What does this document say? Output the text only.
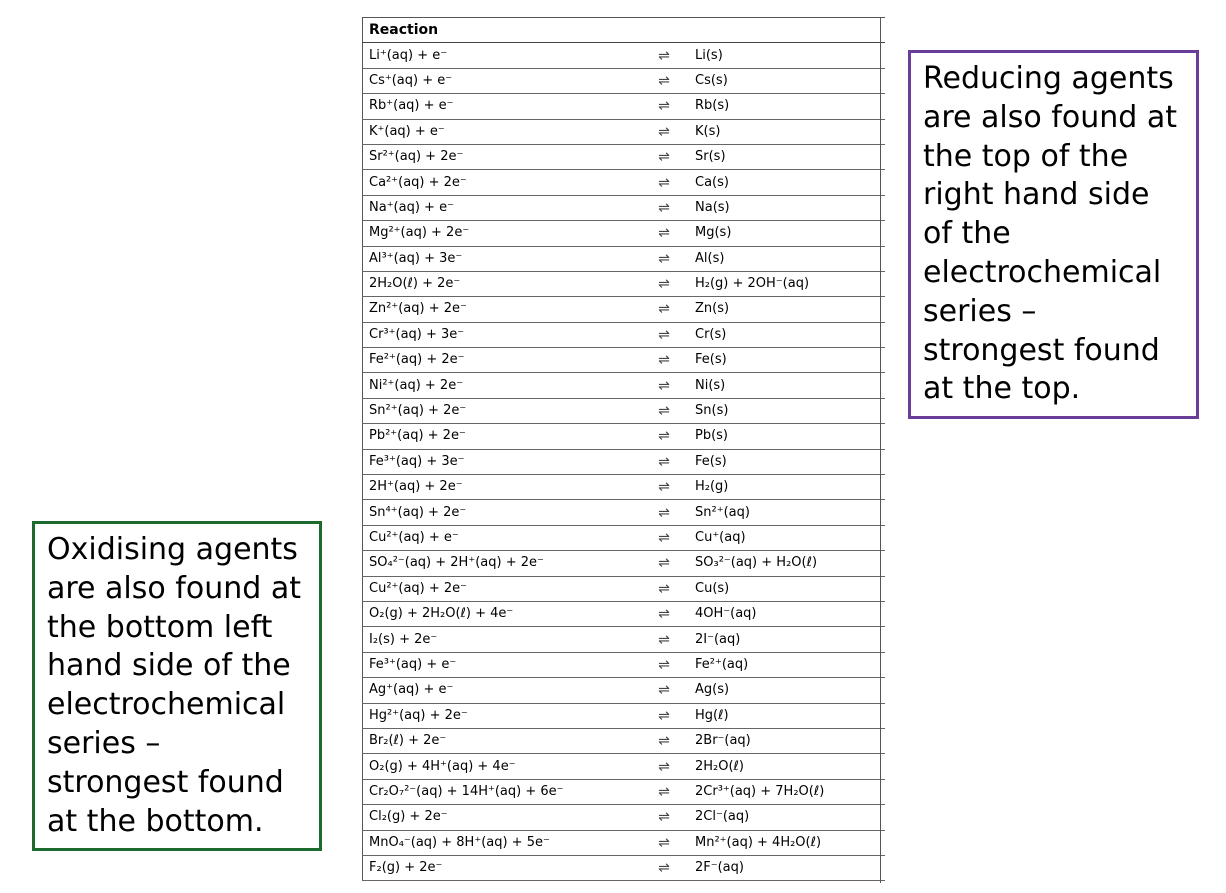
Reaction		
Li⁺(aq) + e⁻	⇌	Li(s)
Cs⁺(aq) + e⁻	⇌	Cs(s)
Rb⁺(aq) + e⁻	⇌	Rb(s)
K⁺(aq) + e⁻	⇌	K(s)
Sr²⁺(aq) + 2e⁻	⇌	Sr(s)
Ca²⁺(aq) + 2e⁻	⇌	Ca(s)
Na⁺(aq) + e⁻	⇌	Na(s)
Mg²⁺(aq) + 2e⁻	⇌	Mg(s)
Al³⁺(aq) + 3e⁻	⇌	Al(s)
2H₂O(ℓ) + 2e⁻	⇌	H₂(g) + 2OH⁻(aq)
Zn²⁺(aq) + 2e⁻	⇌	Zn(s)
Cr³⁺(aq) + 3e⁻	⇌	Cr(s)
Fe²⁺(aq) + 2e⁻	⇌	Fe(s)
Ni²⁺(aq) + 2e⁻	⇌	Ni(s)
Sn²⁺(aq) + 2e⁻	⇌	Sn(s)
Pb²⁺(aq) + 2e⁻	⇌	Pb(s)
Fe³⁺(aq) + 3e⁻	⇌	Fe(s)
2H⁺(aq) + 2e⁻	⇌	H₂(g)
Sn⁴⁺(aq) + 2e⁻	⇌	Sn²⁺(aq)
Cu²⁺(aq) + e⁻	⇌	Cu⁺(aq)
SO₄²⁻(aq) + 2H⁺(aq) + 2e⁻	⇌	SO₃²⁻(aq) + H₂O(ℓ)
Cu²⁺(aq) + 2e⁻	⇌	Cu(s)
O₂(g) + 2H₂O(ℓ) + 4e⁻	⇌	4OH⁻(aq)
I₂(s) + 2e⁻	⇌	2I⁻(aq)
Fe³⁺(aq) + e⁻	⇌	Fe²⁺(aq)
Ag⁺(aq) + e⁻	⇌	Ag(s)
Hg²⁺(aq) + 2e⁻	⇌	Hg(ℓ)
Br₂(ℓ) + 2e⁻	⇌	2Br⁻(aq)
O₂(g) + 4H⁺(aq) + 4e⁻	⇌	2H₂O(ℓ)
Cr₂O₇²⁻(aq) + 14H⁺(aq) + 6e⁻	⇌	2Cr³⁺(aq) + 7H₂O(ℓ)
Cl₂(g) + 2e⁻	⇌	2Cl⁻(aq)
MnO₄⁻(aq) + 8H⁺(aq) + 5e⁻	⇌	Mn²⁺(aq) + 4H₂O(ℓ)
F₂(g) + 2e⁻	⇌	2F⁻(aq)
Reducing agents are also found at the top of the right hand side of the electrochemical series – strongest found at the top.
Oxidising agents are also found at the bottom left hand side of the electrochemical series – strongest found at the bottom.
